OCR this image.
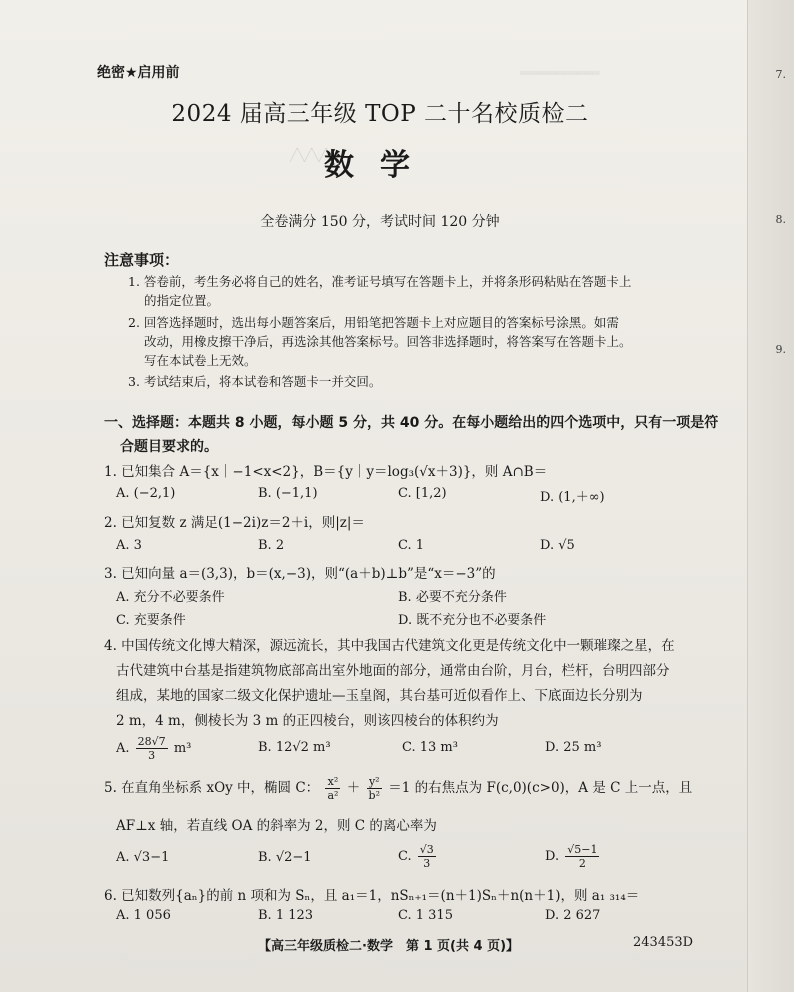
═══════════
╱╲╱╲╱╲
7.
8.
9.
绝密★启用前
2024 届高三年级 TOP 二十名校质检二
数学
全卷满分 150 分，考试时间 120 分钟
注意事项：
1. 答卷前，考生务必将自己的姓名，准考证号填写在答题卡上，并将条形码粘贴在答题卡上
的指定位置。
2. 回答选择题时，选出每小题答案后，用铅笔把答题卡上对应题目的答案标号涂黑。如需
改动，用橡皮擦干净后，再选涂其他答案标号。回答非选择题时，将答案写在答题卡上。
写在本试卷上无效。
3. 考试结束后，将本试卷和答题卡一并交回。
一、选择题：本题共 8 小题，每小题 5 分，共 40 分。在每小题给出的四个选项中，只有一项是符
合题目要求的。
1. 已知集合 A＝{x｜−1<x<2}，B＝{y｜y＝log₃(√x＋3)}，则 A∩B＝
A. (−2,1)	B. (−1,1)	C. [1,2)	D. (1,＋∞)
2. 已知复数 z 满足(1−2i)z＝2＋i，则|z|＝
A. 3	B. 2	C. 1	D. √5
3. 已知向量 a＝(3,3)，b＝(x,−3)，则“(a＋b)⊥b”是“x＝−3”的
A. 充分不必要条件	B. 必要不充分条件
C. 充要条件	D. 既不充分也不必要条件
4. 中国传统文化博大精深，源远流长，其中我国古代建筑文化更是传统文化中一颗璀璨之星，在
古代建筑中台基是指建筑物底部高出室外地面的部分，通常由台阶，月台，栏杆，台明四部分
组成，某地的国家二级文化保护遗址—玉皇阁，其台基可近似看作上、下底面边长分别为
2 m，4 m，侧棱长为 3 m 的正四棱台，则该四棱台的体积约为
A. $\frac{28√7}{3} m^3$	B. 12√2 m³	C. 13 m³	D. 25 m³
5. 在直角坐标系 xOy 中，椭圆 C： $\frac{\text{x²}}{\text{a²}} + \frac{\text{y²}}{\text{b²}} =1$ 的右焦点为 F(c,0)(c>0)，A 是 C 上一点，且
AF⊥x 轴，若直线 OA 的斜率为 2，则 C 的离心率为
A. √3−1	B. √2−1	C. $\frac{√3}{3}$	D. $\frac{√5-1}{2}$
6. 已知数列{aₙ}的前 n 项和为 Sₙ，且 a₁＝1，nSₙ₊₁＝(n＋1)Sₙ＋n(n＋1)，则 a₁ ₃₁₄＝
A. 1 056	B. 1 123	C. 1 315	D. 2 627
【高三年级质检二·数学　第 1 页(共 4 页)】	243453D
